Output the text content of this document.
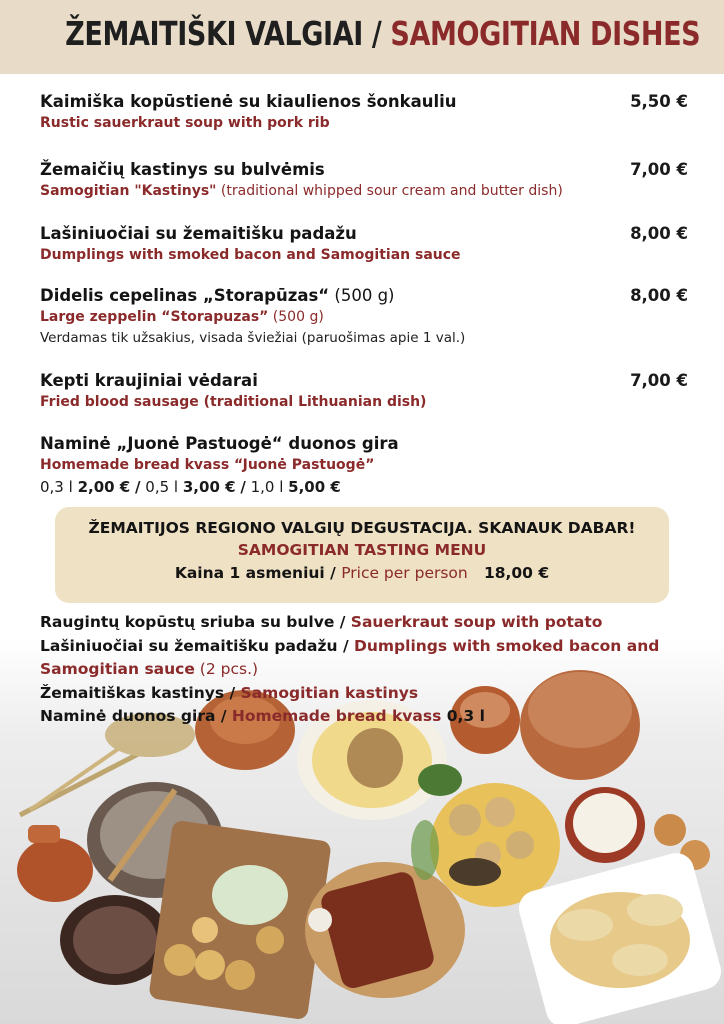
ŽEMAITIŠKI VALGIAI / SAMOGITIAN DISHES
Kaimiška kopūstienė su kiaulienos šonkauliu
Rustic sauerkraut soup with pork rib
5,50 €
Žemaičių kastinys su bulvėmis
Samogitian "Kastinys" (traditional whipped sour cream and butter dish)
7,00 €
Lašiniuočiai su žemaitišku padažu
Dumplings with smoked bacon and Samogitian sauce
8,00 €
Didelis cepelinas „Storapūzas“ (500 g)
Large zeppelin “Storapuzas” (500 g)
Verdamas tik užsakius, visada šviežiai (paruošimas apie 1 val.)
8,00 €
Kepti kraujiniai vėdarai
Fried blood sausage (traditional Lithuanian dish)
7,00 €
Naminė „Juonė Pastuogė“ duonos gira
Homemade bread kvass “Juonė Pastuogė”
0,3 l 2,00 € / 0,5 l 3,00 € / 1,0 l 5,00 €
ŽEMAITIJOS REGIONO VALGIŲ DEGUSTACIJA. SKANAUK DABAR!
SAMOGITIAN TASTING MENU
Kaina 1 asmeniui / Price per person 18,00 €
Raugintų kopūstų sriuba su bulve / Sauerkraut soup with potato
Lašiniuočiai su žemaitišku padažu / Dumplings with smoked bacon and
Samogitian sauce (2 pcs.)
Žemaitiškas kastinys / Samogitian kastinys
Naminė duonos gira / Homemade bread kvass 0,3 l
